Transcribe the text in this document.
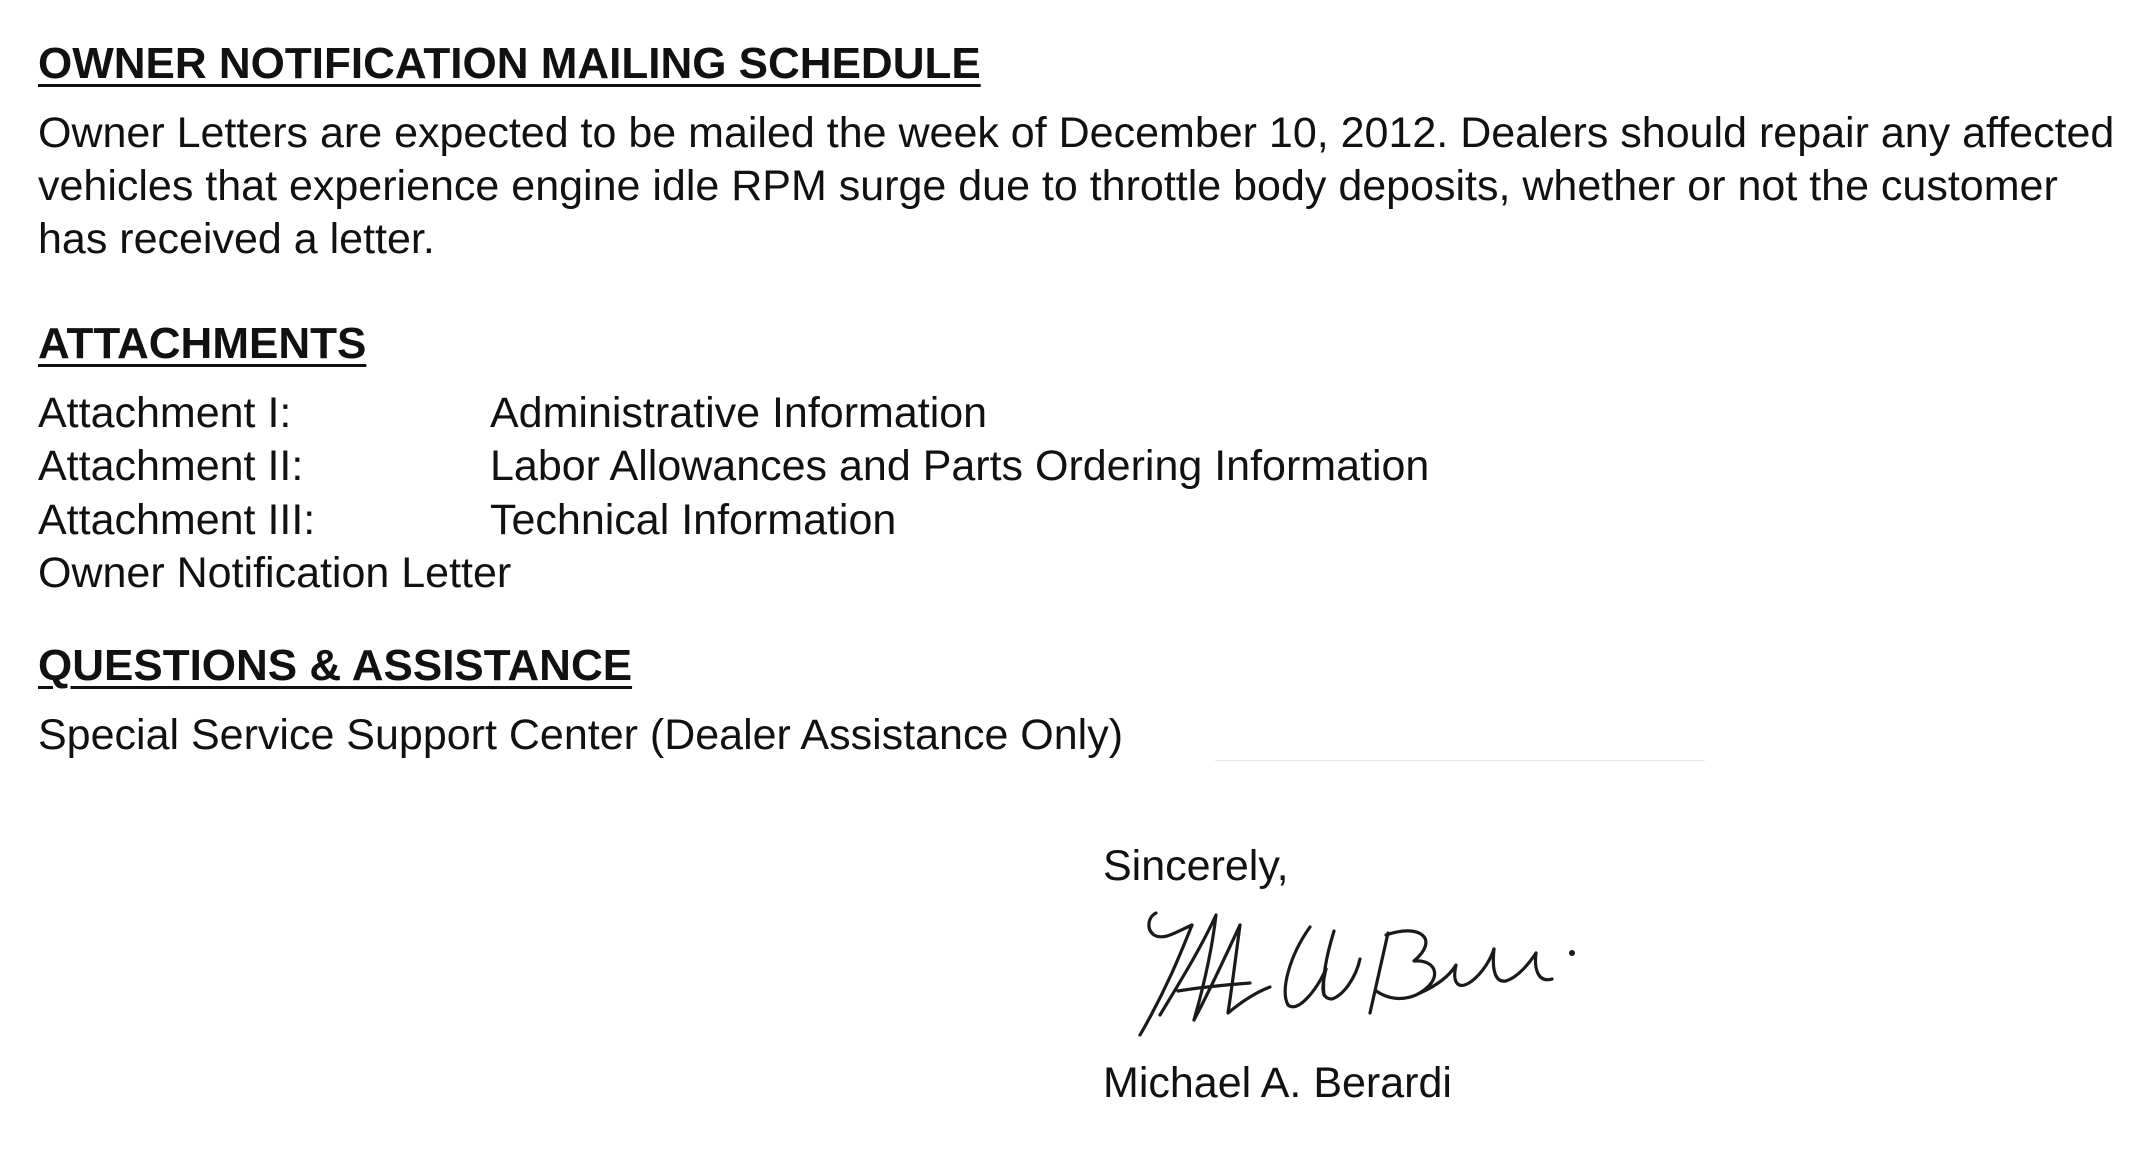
OWNER NOTIFICATION MAILING SCHEDULE

Owner Letters are expected to be mailed the week of December 10, 2012. Dealers should repair any affected vehicles that experience engine idle RPM surge due to throttle body deposits, whether or not the customer has received a letter.

ATTACHMENTS
Attachment I:	Administrative Information
Attachment II:	Labor Allowances and Parts Ordering Information
Attachment III:	Technical Information
Owner Notification Letter
QUESTIONS & ASSISTANCE
Special Service Support Center (Dealer Assistance Only)
Sincerely,
Michael A. Berardi
